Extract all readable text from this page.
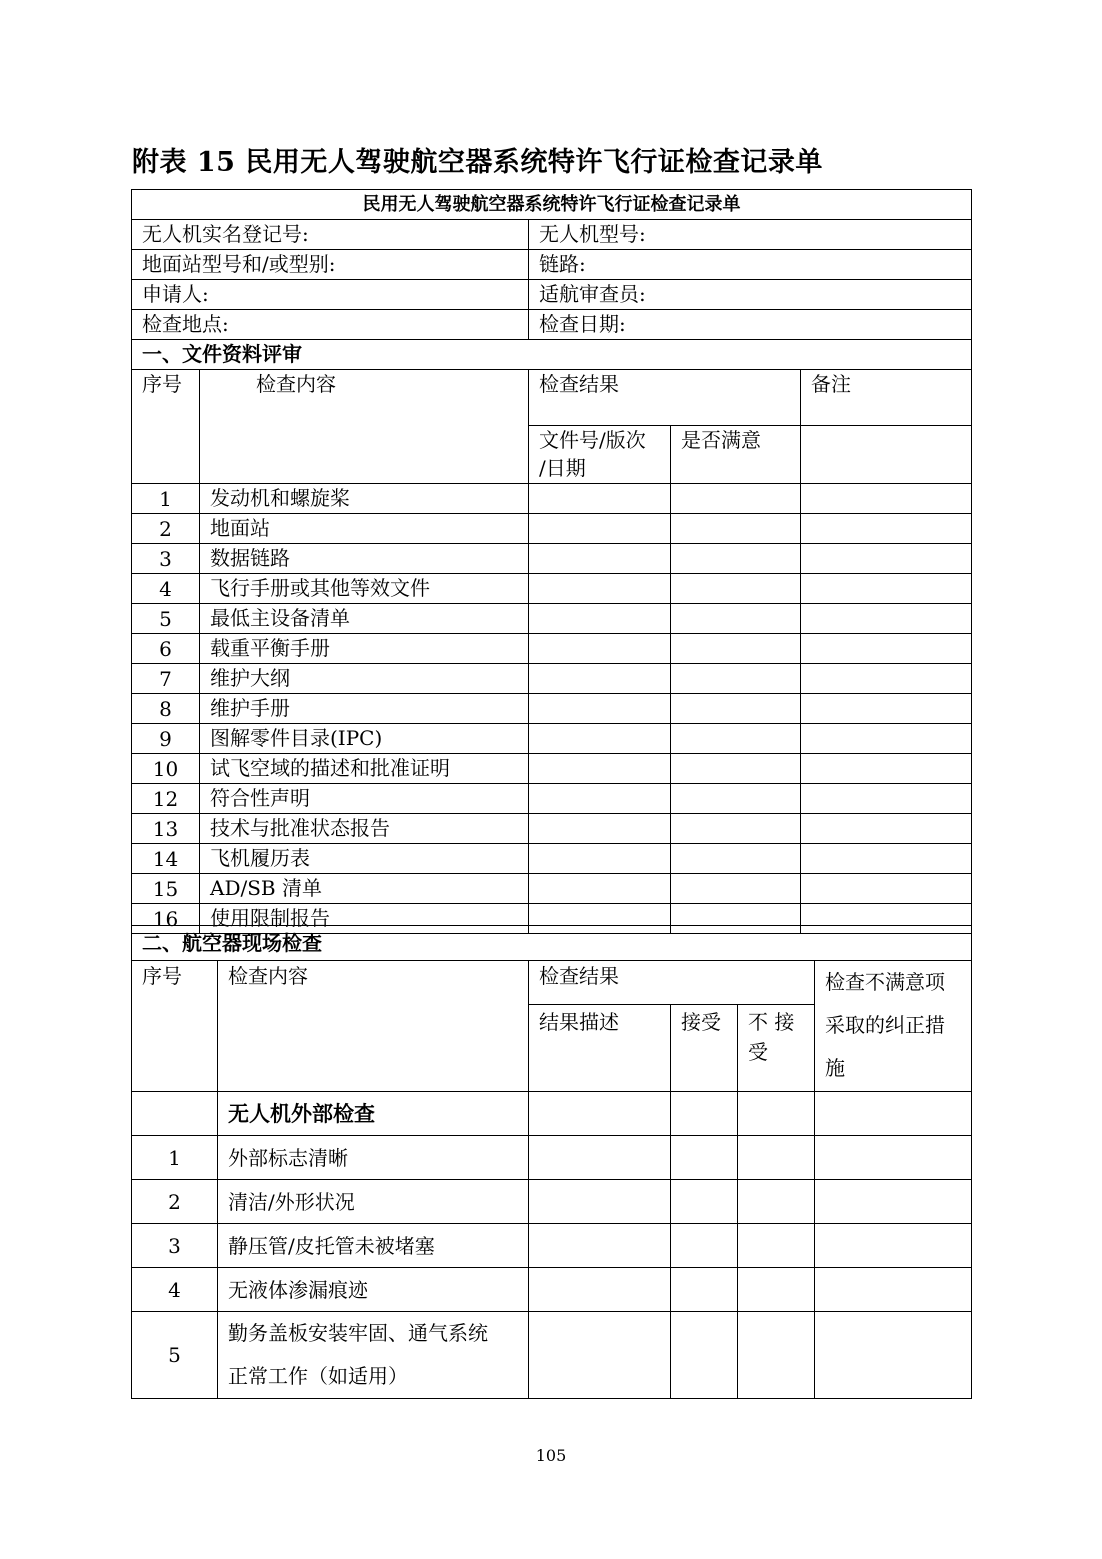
附表 15 民用无人驾驶航空器系统特许飞行证检查记录单
民用无人驾驶航空器系统特许飞行证检查记录单				
无人机实名登记号:		无人机型号:		
地面站型号和/或型别:		链路:		
申请人:		适航审查员:		
检查地点:		检查日期:		
一、文件资料评审				
序号	检查内容	检查结果		备注

		文件号/版次
/日期	是否满意	
1	发动机和螺旋桨			
2	地面站			
3	数据链路			
4	飞行手册或其他等效文件			
5	最低主设备清单			
6	载重平衡手册			
7	维护大纲			
8	维护手册			
9	图解零件目录(IPC)			
10	试飞空域的描述和批准证明			
12	符合性声明			
13	技术与批准状态报告			
14	飞机履历表			
15	AD/SB 清单			
16	使用限制报告			
二、航空器现场检查					
序号	检查内容	检查结果			检查不满意项
采取的纠正措
施

		结果描述	接受	不 接
受	

	无人机外部检查				
1	外部标志清晰				
2	清洁/外形状况				
3	静压管/皮托管未被堵塞				
4	无液体渗漏痕迹				
5	勤务盖板安装牢固、通气系统
正常工作（如适用）				

105
